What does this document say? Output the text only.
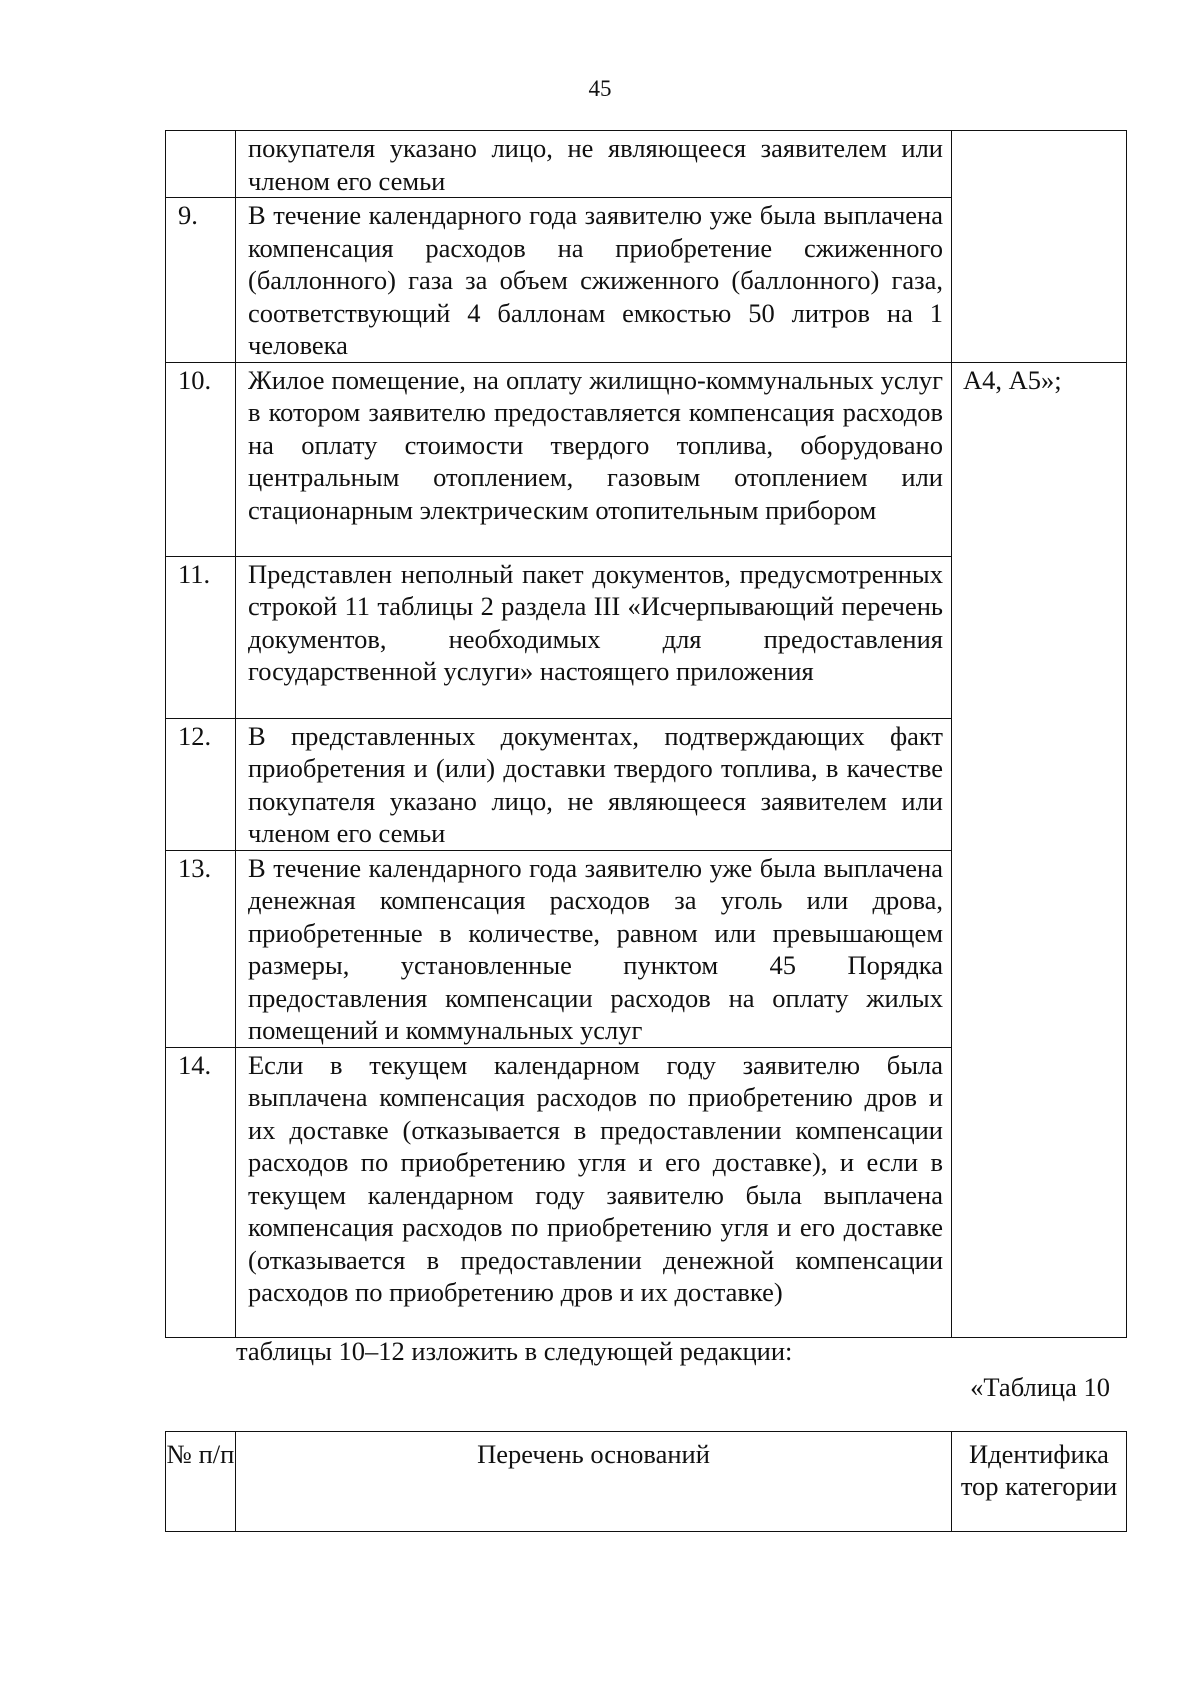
45
	покупателя указано лицо, не являющееся заявителем или членом его семьи	
9.	В течение календарного года заявителю уже была выплачена компенсация расходов на приобретение сжиженного (баллонного) газа за объем сжиженного (баллонного) газа, соответствующий 4 баллонам емкостью 50 литров на 1 человека	
10.	Жилое помещение, на оплату жилищно-коммунальных услуг в котором заявителю предоставляется компенсация расходов на оплату стоимости твердого топлива, оборудовано центральным отоплением, газовым отоплением или стационарным электрическим отопительным прибором	А4, А5»;
11.	Представлен неполный пакет документов, предусмотренных строкой 11 таблицы 2 раздела III «Исчерпывающий перечень документов, необходимых для предоставления государственной услуги» настоящего приложения	
12.	В представленных документах, подтверждающих факт приобретения и (или) доставки твердого топлива, в качестве покупателя указано лицо, не являющееся заявителем или членом его семьи	
13.	В течение календарного года заявителю уже была выплачена денежная компенсация расходов за уголь или дрова, приобретенные в количестве, равном или превышающем размеры, установленные пунктом 45 Порядка предоставления компенсации расходов на оплату жилых помещений и коммунальных услуг	
14.	Если в текущем календарном году заявителю была выплачена компенсация расходов по приобретению дров и их доставке (отказывается в предоставлении компенсации расходов по приобретению угля и его доставке), и если в текущем календарном году заявителю была выплачена компенсация расходов по приобретению угля и его доставке (отказывается в предоставлении денежной компенсации расходов по приобретению дров и их доставке)	
таблицы 10–12 изложить в следующей редакции:
«Таблица 10
№ п/п	Перечень оснований	Идентифика тор категории
